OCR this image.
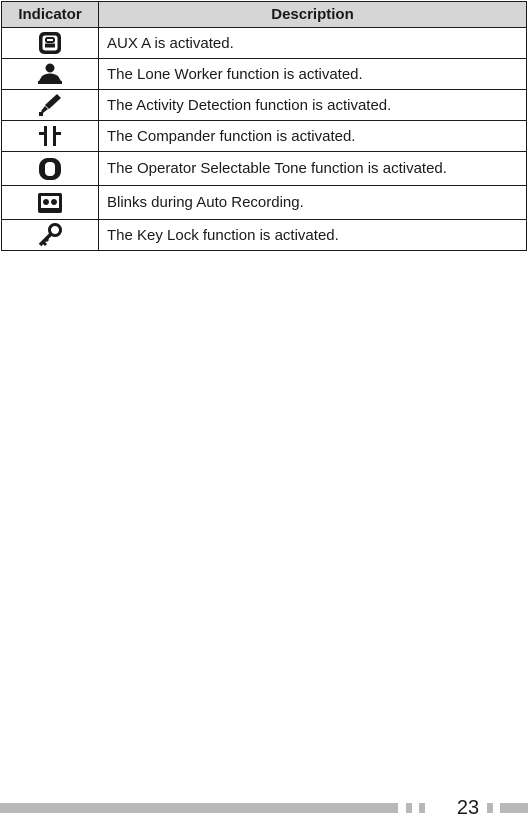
Indicator	Description
	AUX A is activated.
	The Lone Worker function is activated.
	The Activity Detection function is activated.
	The Compander function is activated.
	The Operator Selectable Tone function is activated.
	Blinks during Auto Recording.
	The Key Lock function is activated.
23
